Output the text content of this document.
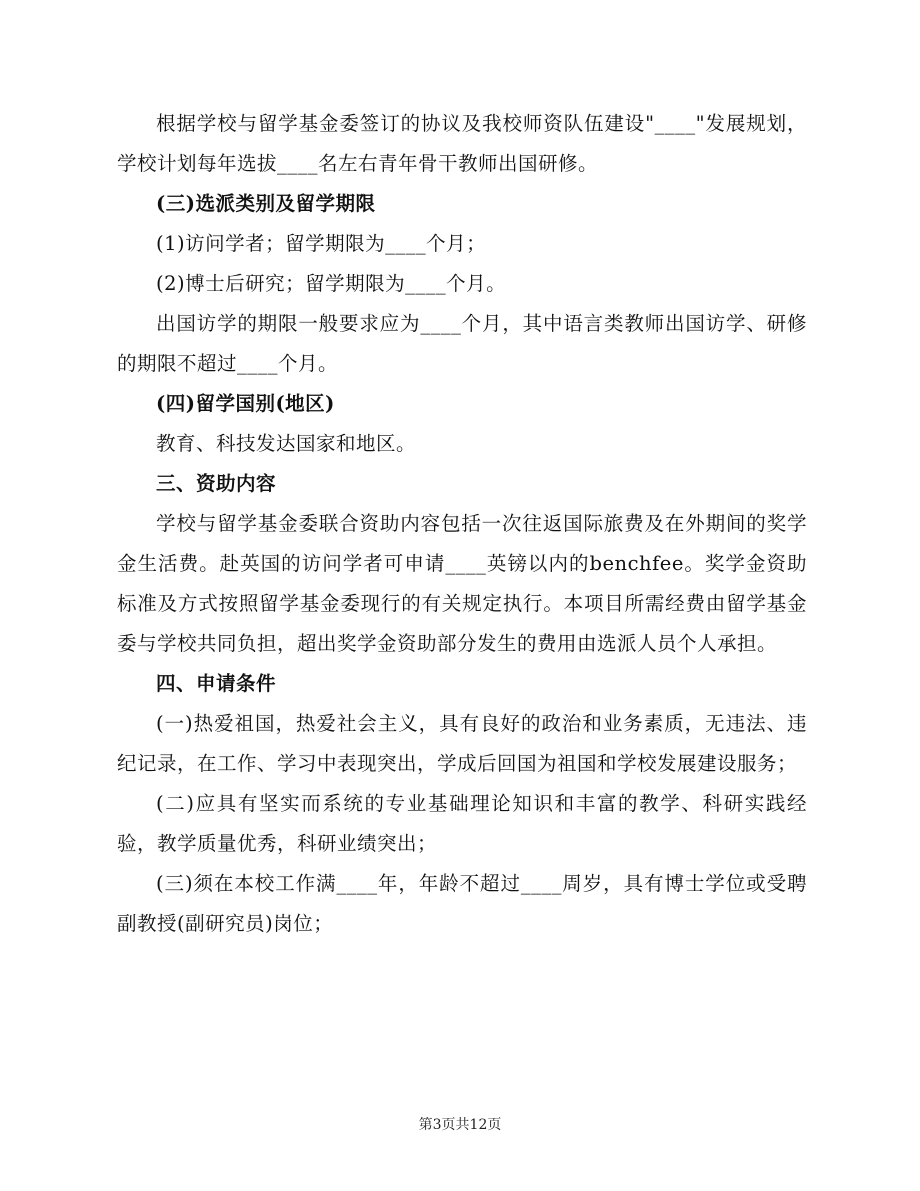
根据学校与留学基金委签订的协议及我校师资队伍建设"____"发展规划，学校计划每年选拔____名左右青年骨干教师出国研修。

(三)选派类别及留学期限

(1)访问学者；留学期限为____个月；

(2)博士后研究；留学期限为____个月。

出国访学的期限一般要求应为____个月，其中语言类教师出国访学、研修的期限不超过____个月。

(四)留学国别(地区)

教育、科技发达国家和地区。

三、资助内容

学校与留学基金委联合资助内容包括一次往返国际旅费及在外期间的奖学金生活费。赴英国的访问学者可申请____英镑以内的benchfee。奖学金资助标准及方式按照留学基金委现行的有关规定执行。本项目所需经费由留学基金委与学校共同负担，超出奖学金资助部分发生的费用由选派人员个人承担。

四、申请条件

(一)热爱祖国，热爱社会主义，具有良好的政治和业务素质，无违法、违纪记录，在工作、学习中表现突出，学成后回国为祖国和学校发展建设服务；

(二)应具有坚实而系统的专业基础理论知识和丰富的教学、科研实践经验，教学质量优秀，科研业绩突出；

(三)须在本校工作满____年，年龄不超过____周岁，具有博士学位或受聘副教授(副研究员)岗位；

第3页共12页
